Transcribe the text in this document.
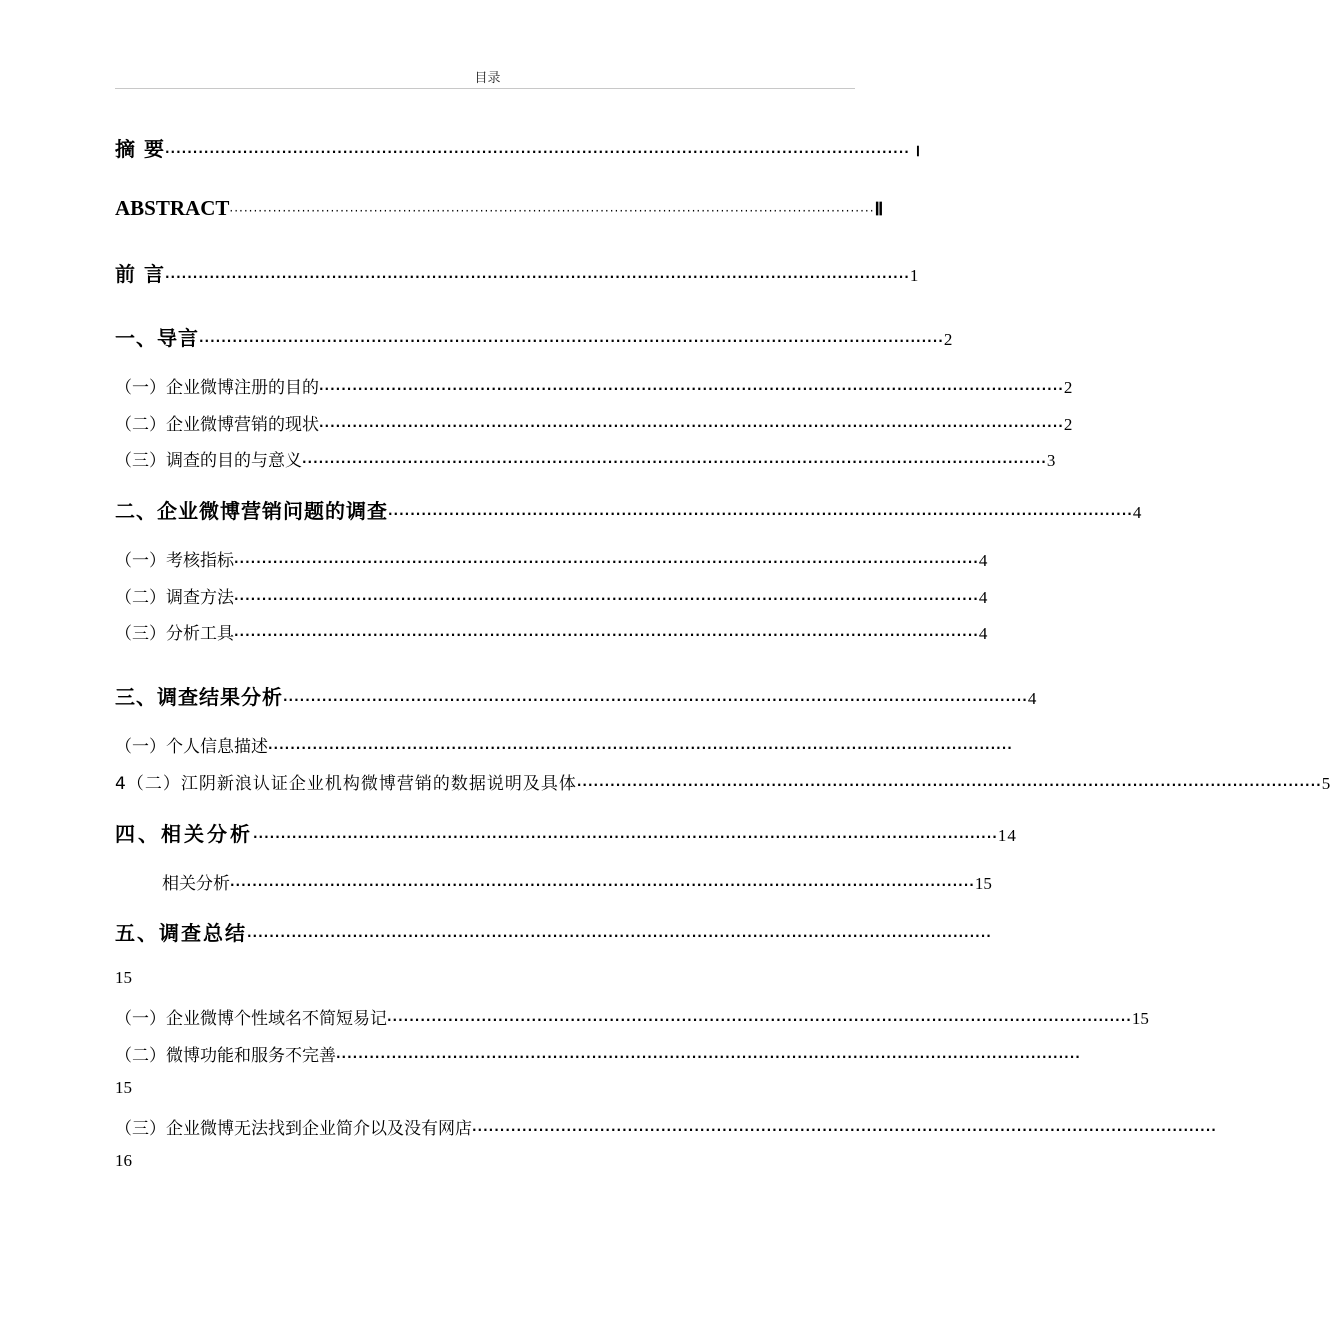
目录
摘 要 ······································································································································ Ⅰ
ABSTRACT ······································································································································ Ⅱ
前 言 ······································································································································ 1
一、导言 ······································································································································ 2
（一）企业微博注册的目的 ······································································································································ 2
（二）企业微博营销的现状 ······································································································································ 2
（三）调查的目的与意义 ······································································································································ 3
二、企业微博营销问题的调查 ······································································································································ 4
（一）考核指标 ······································································································································ 4
（二）调查方法 ······································································································································ 4
（三）分析工具 ······································································································································ 4
三、调查结果分析 ······································································································································ 4
（一）个人信息描述 ······································································································································
4（二）江阴新浪认证企业机构微博营销的数据说明及具体 ······································································································································ 5
四、相关分析 ······································································································································ 14
相关分析 ······································································································································ 15
五、调查总结 ······································································································································
15
（一）企业微博个性域名不简短易记 ······································································································································ 15
（二）微博功能和服务不完善 ······································································································································
15
（三）企业微博无法找到企业简介以及没有网店 ······································································································································
16
